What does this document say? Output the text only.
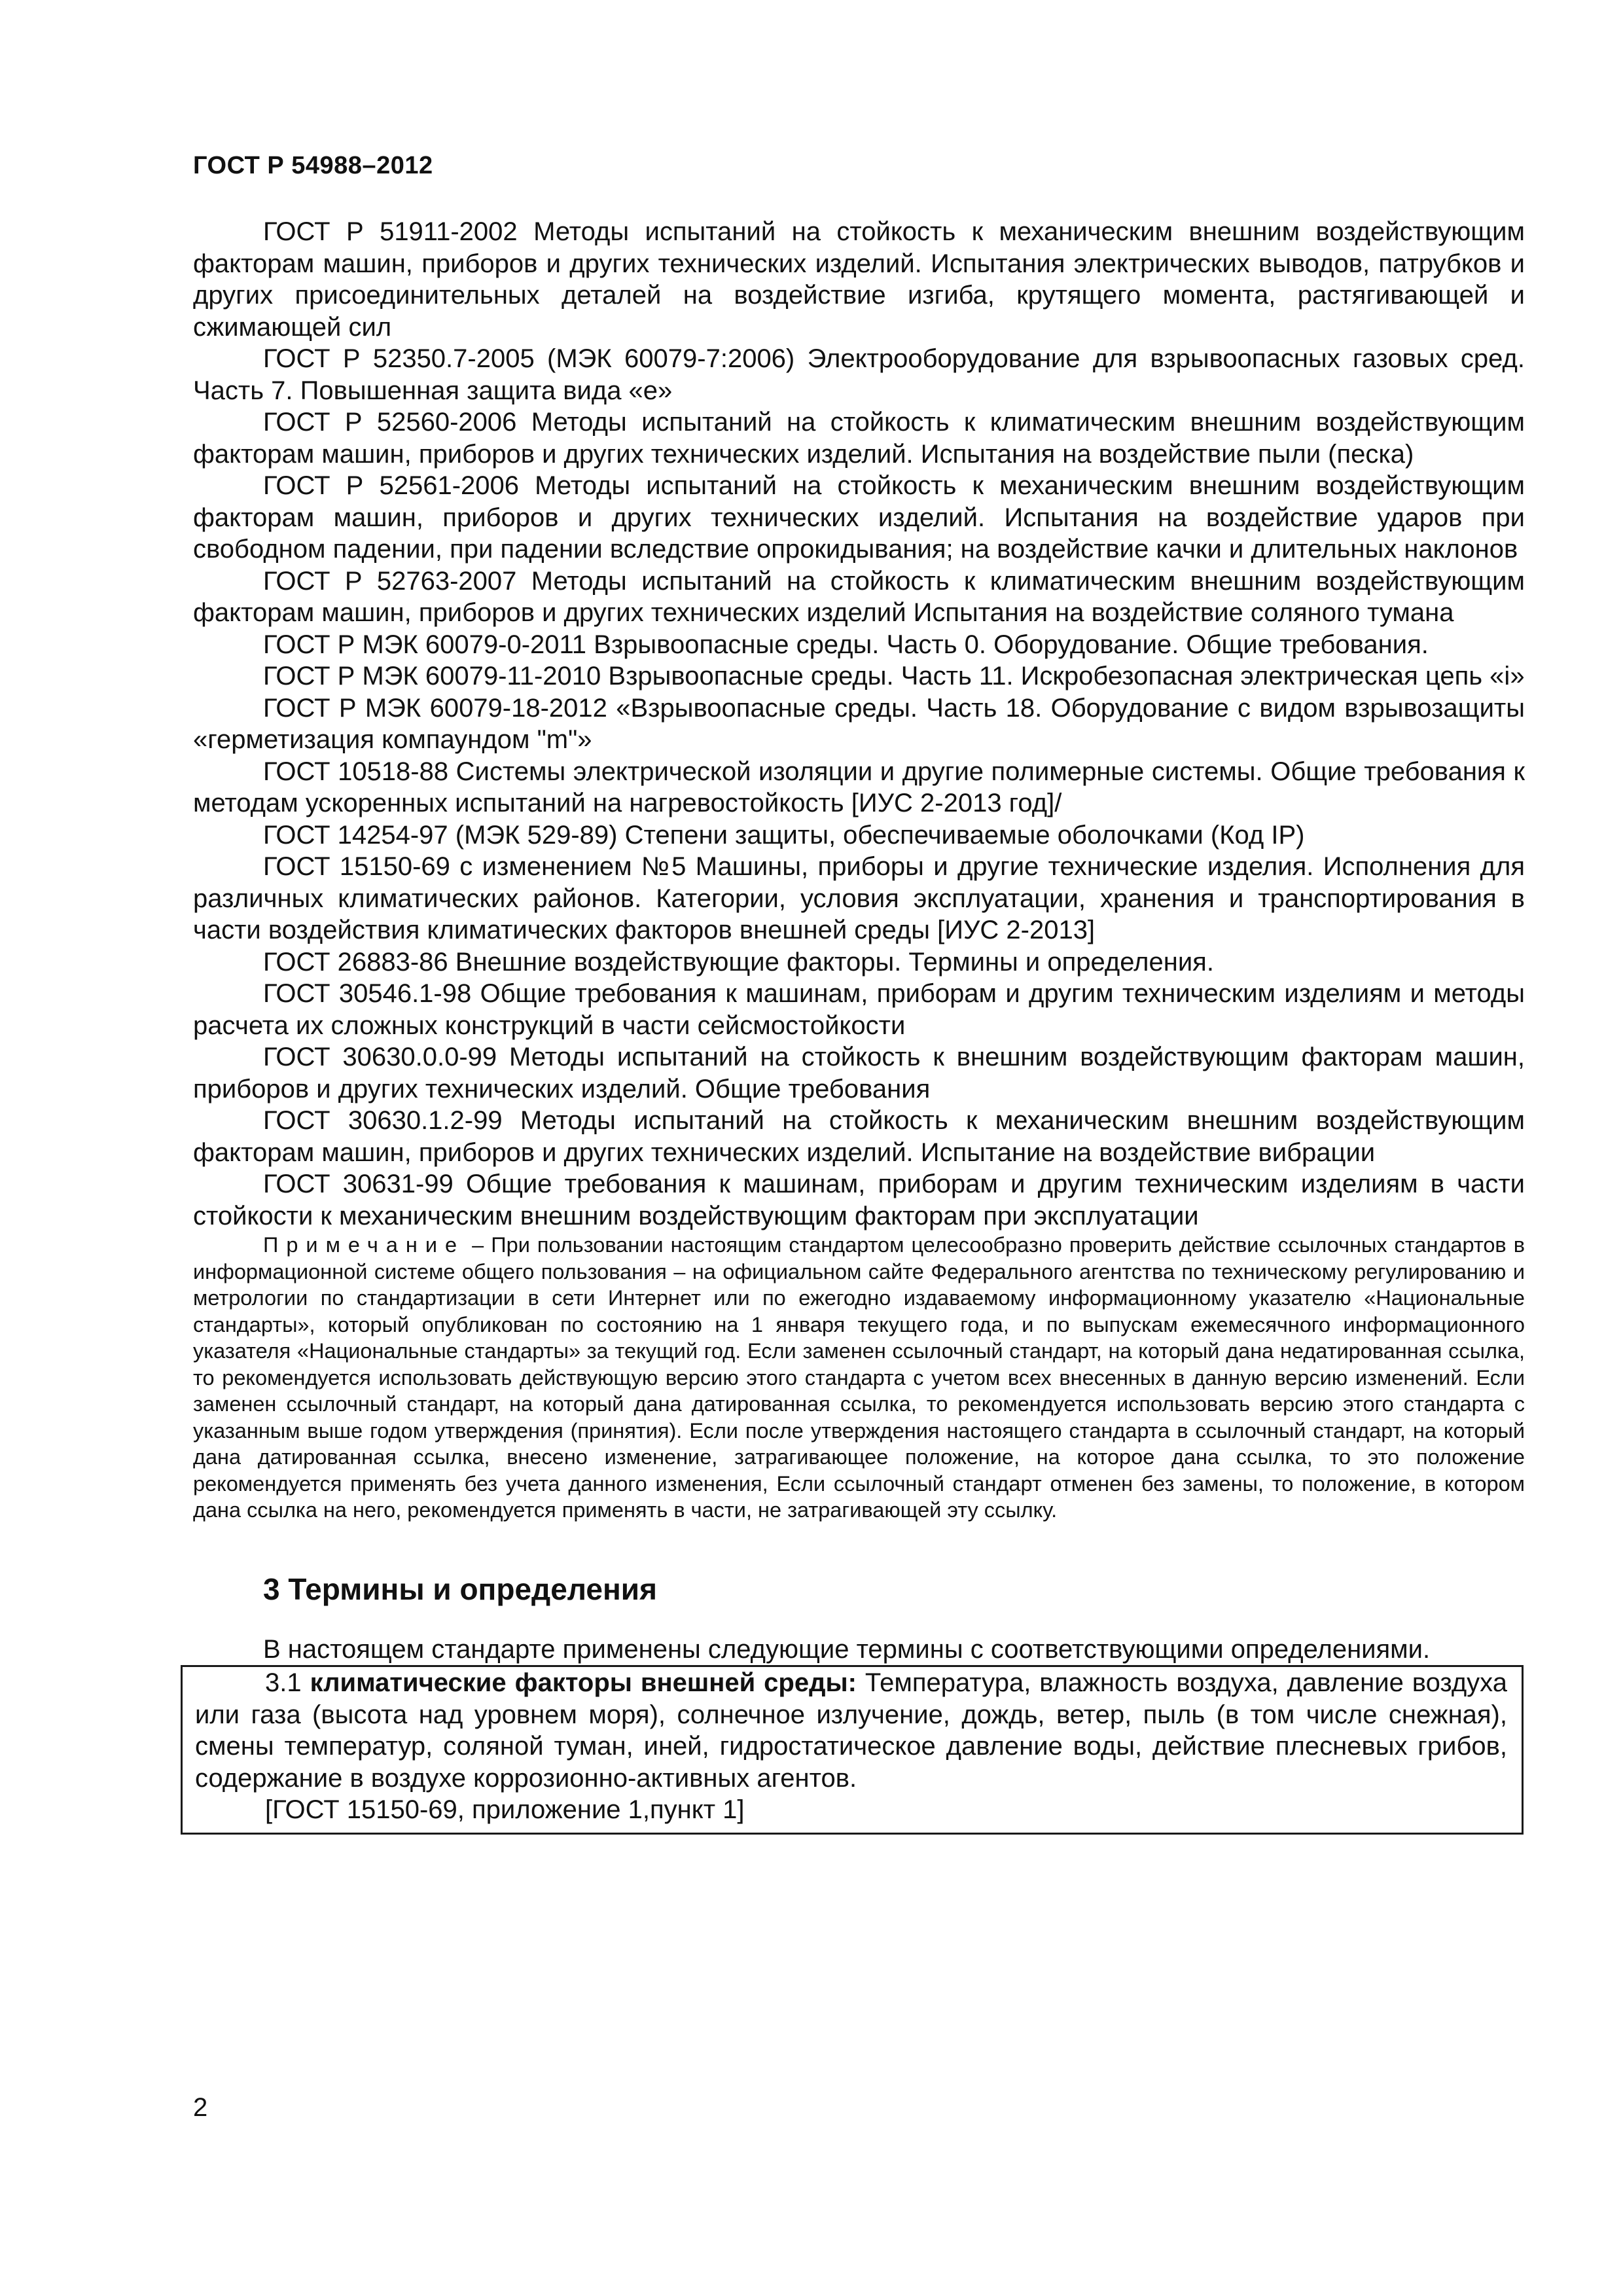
ГОСТ Р 54988–2012

ГОСТ Р 51911-2002 Методы испытаний на стойкость к механическим внешним воздействующим факторам машин, приборов и других технических изделий. Испытания электрических выводов, патрубков и других присоединительных деталей на воздействие изгиба, крутящего момента, растягивающей и сжимающей сил

ГОСТ Р 52350.7-2005 (МЭК 60079-7:2006) Электрооборудование для взрывоопасных газовых сред. Часть 7. Повышенная защита вида «е»

ГОСТ Р 52560-2006 Методы испытаний на стойкость к климатическим внешним воздействующим факторам машин, приборов и других технических изделий. Испытания на воздействие пыли (песка)

ГОСТ Р 52561-2006 Методы испытаний на стойкость к механическим внешним воздействующим факторам машин, приборов и других технических изделий. Испытания на воздействие ударов при свободном падении, при падении вследствие опрокидывания; на воздействие качки и длительных наклонов

ГОСТ Р 52763-2007 Методы испытаний на стойкость к климатическим внешним воздействующим факторам машин, приборов и других технических изделий Испытания на воздействие соляного тумана

ГОСТ Р МЭК 60079-0-2011 Взрывоопасные среды. Часть 0. Оборудование. Общие требования.

ГОСТ Р МЭК 60079-11-2010 Взрывоопасные среды. Часть 11. Искробезопасная электрическая цепь «i»

ГОСТ Р МЭК 60079-18-2012 «Взрывоопасные среды. Часть 18. Оборудование с видом взрывозащиты «герметизация компаундом "m"»

ГОСТ 10518-88 Системы электрической изоляции и другие полимерные системы. Общие требования к методам ускоренных испытаний на нагревостойкость [ИУС 2-2013 год]/

ГОСТ 14254-97 (МЭК 529-89) Степени защиты, обеспечиваемые оболочками (Код IP)

ГОСТ 15150-69 с изменением №5 Машины, приборы и другие технические изделия. Исполнения для различных климатических районов. Категории, условия эксплуатации, хранения и транспортирования в части воздействия климатических факторов внешней среды [ИУС 2-2013]

ГОСТ 26883-86 Внешние воздействующие факторы. Термины и определения.

ГОСТ 30546.1-98 Общие требования к машинам, приборам и другим техническим изделиям и методы расчета их сложных конструкций в части сейсмостойкости

ГОСТ 30630.0.0-99 Методы испытаний на стойкость к внешним воздействующим факторам машин, приборов и других технических изделий. Общие требования

ГОСТ 30630.1.2-99 Методы испытаний на стойкость к механическим внешним воздействующим факторам машин, приборов и других технических изделий. Испытание на воздействие вибрации

ГОСТ 30631-99 Общие требования к машинам, приборам и другим техническим изделиям в части стойкости к механическим внешним воздействующим факторам при эксплуатации

Примечание – При пользовании настоящим стандартом целесообразно проверить действие ссылочных стандартов в информационной системе общего пользования – на официальном сайте Федерального агентства по техническому регулированию и метрологии по стандартизации в сети Интернет или по ежегодно издаваемому информационному указателю «Национальные стандарты», который опубликован по состоянию на 1 января текущего года, и по выпускам ежемесячного информационного указателя «Национальные стандарты» за текущий год. Если заменен ссылочный стандарт, на который дана недатированная ссылка, то рекомендуется использовать действующую версию этого стандарта с учетом всех внесенных в данную версию изменений. Если заменен ссылочный стандарт, на который дана датированная ссылка, то рекомендуется использовать версию этого стандарта с указанным выше годом утверждения (принятия). Если после утверждения настоящего стандарта в ссылочный стандарт, на который дана датированная ссылка, внесено изменение, затрагивающее положение, на которое дана ссылка, то это положение рекомендуется применять без учета данного изменения, Если ссылочный стандарт отменен без замены, то положение, в котором дана ссылка на него, рекомендуется применять в части, не затрагивающей эту ссылку.

3 Термины и определения

В настоящем стандарте применены следующие термины с соответствующими определениями.

3.1 климатические факторы внешней среды: Температура, влажность воздуха, давление воздуха или газа (высота над уровнем моря), солнечное излучение, дождь, ветер, пыль (в том числе снежная), смены температур, соляной туман, иней, гидростатическое давление воды, действие плесневых грибов, содержание в воздухе коррозионно-активных агентов.

[ГОСТ 15150-69, приложение 1,пункт 1]

2
